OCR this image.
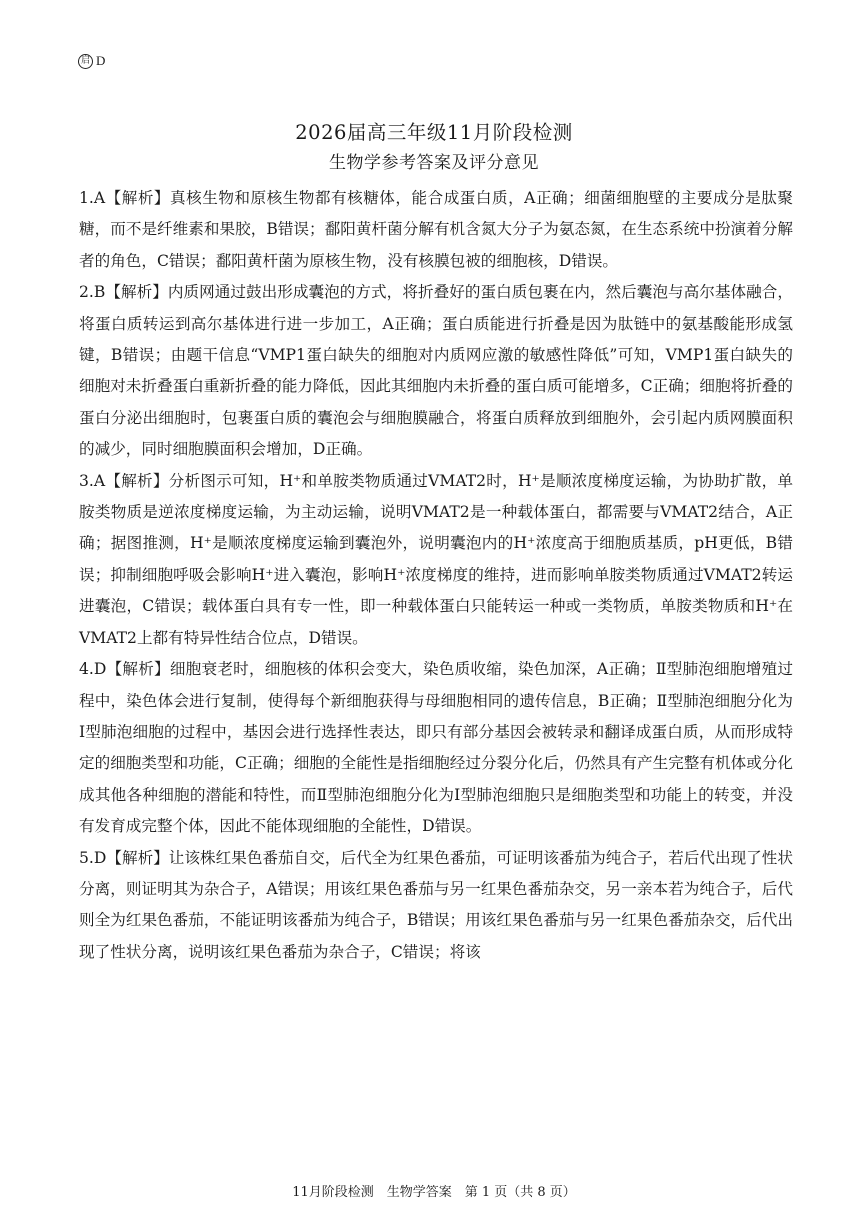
启 D
2026届高三年级11月阶段检测
生物学参考答案及评分意见

1.A【解析】真核生物和原核生物都有核糖体，能合成蛋白质，A正确；细菌细胞壁的主要成分是肽聚糖，而不是纤维素和果胶，B错误；鄱阳黄杆菌分解有机含氮大分子为氨态氮，在生态系统中扮演着分解者的角色，C错误；鄱阳黄杆菌为原核生物，没有核膜包被的细胞核，D错误。

2.B【解析】内质网通过鼓出形成囊泡的方式，将折叠好的蛋白质包裹在内，然后囊泡与高尔基体融合，将蛋白质转运到高尔基体进行进一步加工，A正确；蛋白质能进行折叠是因为肽链中的氨基酸能形成氢键，B错误；由题干信息“VMP1蛋白缺失的细胞对内质网应激的敏感性降低”可知，VMP1蛋白缺失的细胞对未折叠蛋白重新折叠的能力降低，因此其细胞内未折叠的蛋白质可能增多，C正确；细胞将折叠的蛋白分泌出细胞时，包裹蛋白质的囊泡会与细胞膜融合，将蛋白质释放到细胞外，会引起内质网膜面积的减少，同时细胞膜面积会增加，D正确。

3.A【解析】分析图示可知，H⁺和单胺类物质通过VMAT2时，H⁺是顺浓度梯度运输，为协助扩散，单胺类物质是逆浓度梯度运输，为主动运输，说明VMAT2是一种载体蛋白，都需要与VMAT2结合，A正确；据图推测，H⁺是顺浓度梯度运输到囊泡外，说明囊泡内的H⁺浓度高于细胞质基质，pH更低，B错误；抑制细胞呼吸会影响H⁺进入囊泡，影响H⁺浓度梯度的维持，进而影响单胺类物质通过VMAT2转运进囊泡，C错误；载体蛋白具有专一性，即一种载体蛋白只能转运一种或一类物质，单胺类物质和H⁺在VMAT2上都有特异性结合位点，D错误。

4.D【解析】细胞衰老时，细胞核的体积会变大，染色质收缩，染色加深，A正确；Ⅱ型肺泡细胞增殖过程中，染色体会进行复制，使得每个新细胞获得与母细胞相同的遗传信息，B正确；Ⅱ型肺泡细胞分化为Ⅰ型肺泡细胞的过程中，基因会进行选择性表达，即只有部分基因会被转录和翻译成蛋白质，从而形成特定的细胞类型和功能，C正确；细胞的全能性是指细胞经过分裂分化后，仍然具有产生完整有机体或分化成其他各种细胞的潜能和特性，而Ⅱ型肺泡细胞分化为Ⅰ型肺泡细胞只是细胞类型和功能上的转变，并没有发育成完整个体，因此不能体现细胞的全能性，D错误。

5.D【解析】让该株红果色番茄自交，后代全为红果色番茄，可证明该番茄为纯合子，若后代出现了性状分离，则证明其为杂合子，A错误；用该红果色番茄与另一红果色番茄杂交，另一亲本若为纯合子，后代则全为红果色番茄，不能证明该番茄为纯合子，B错误；用该红果色番茄与另一红果色番茄杂交，后代出现了性状分离，说明该红果色番茄为杂合子，C错误；将该

11月阶段检测　生物学答案　第 1 页（共 8 页）
